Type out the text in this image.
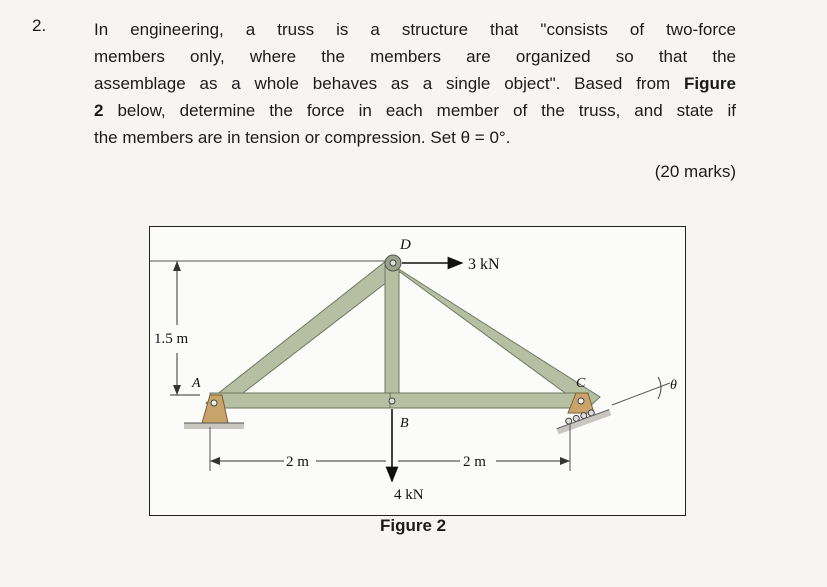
2.	In engineering, a truss is a structure that "consists of two-force
members only, where the members are organized so that the
assemblage as a whole behaves as a single object". Based from Figure
2 below, determine the force in each member of the truss, and state if
the members are in tension or compression. Set θ = 0°.

(20 marks)
1.5 m
3 kN
4 kN
2 m	2 m
A
B
C
D
θ
Figure 2
